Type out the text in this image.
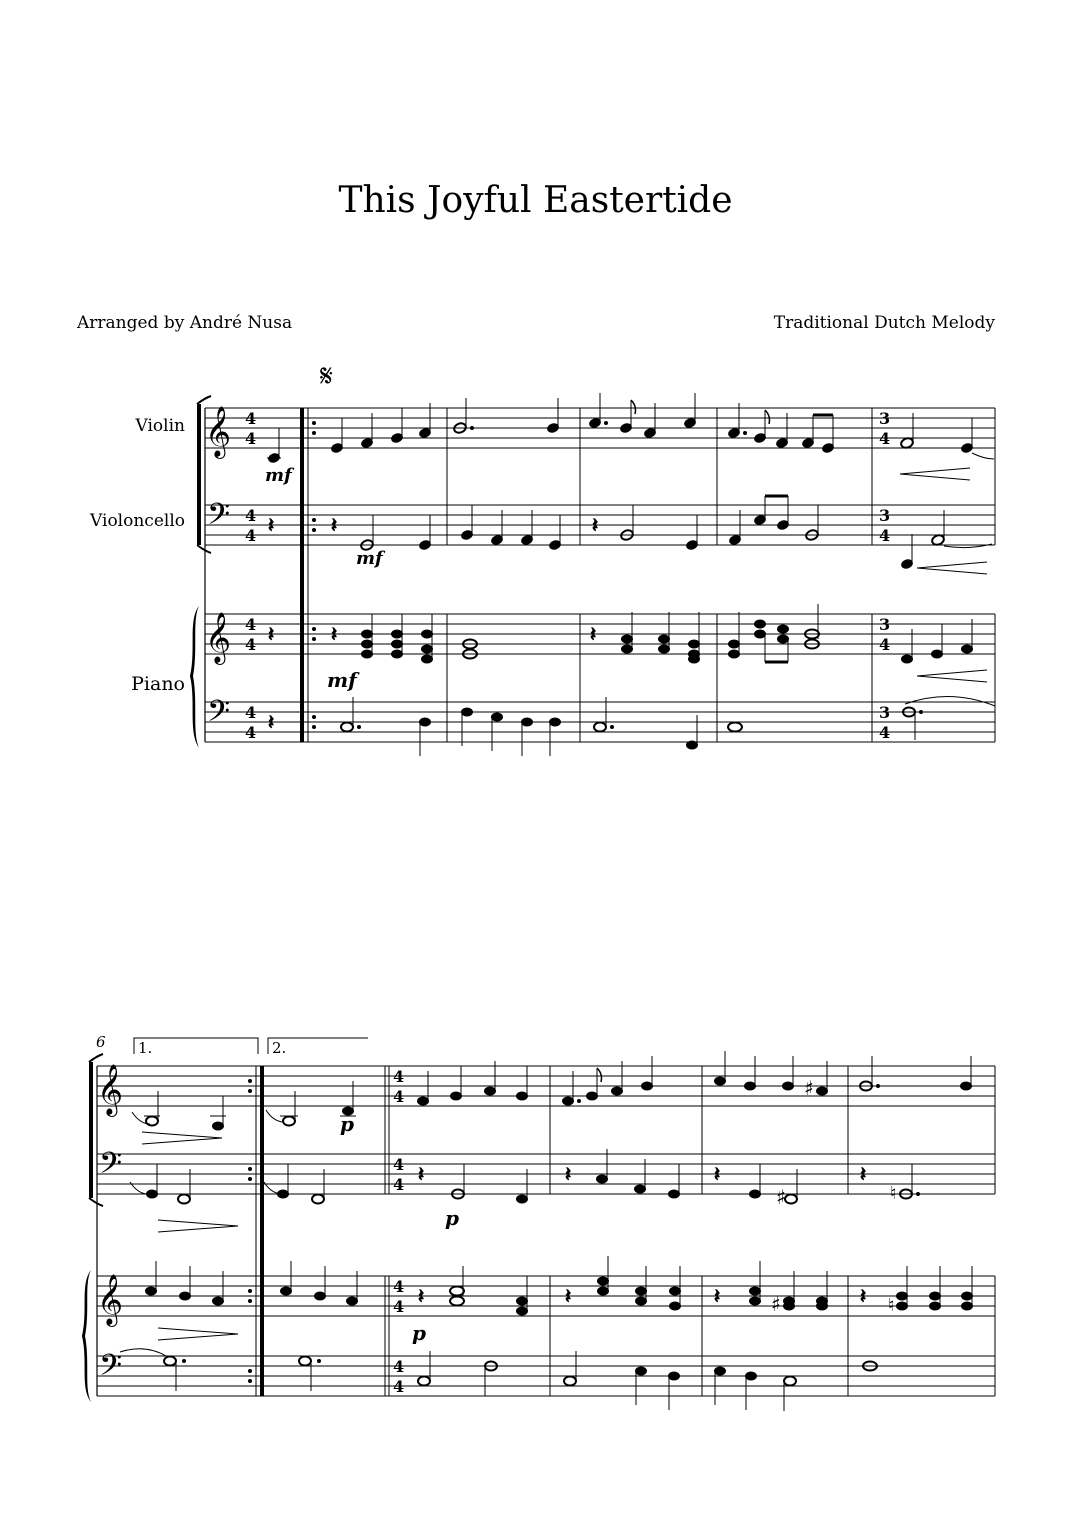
This Joyful Eastertide
Arranged by André Nusa	Traditional Dutch Melody
Violin
Violoncello
Piano
𝄋
𝄞
𝄢
𝄞
𝄢
4
4
4
4
4
4
4
4
3
4
3
4
3
4
3
4
mf
𝄽	𝄽	𝄽
mf
𝄽	𝄽	𝄽
mf
𝄽
6 1.	2.
𝄞
𝄢
𝄞
𝄢
4
4
4
4
4
4
4
4
♯
p
𝄽	𝄽	𝄽	𝄽
♯	♮
p
𝄽	𝄽	𝄽	𝄽
♯	♮
p
